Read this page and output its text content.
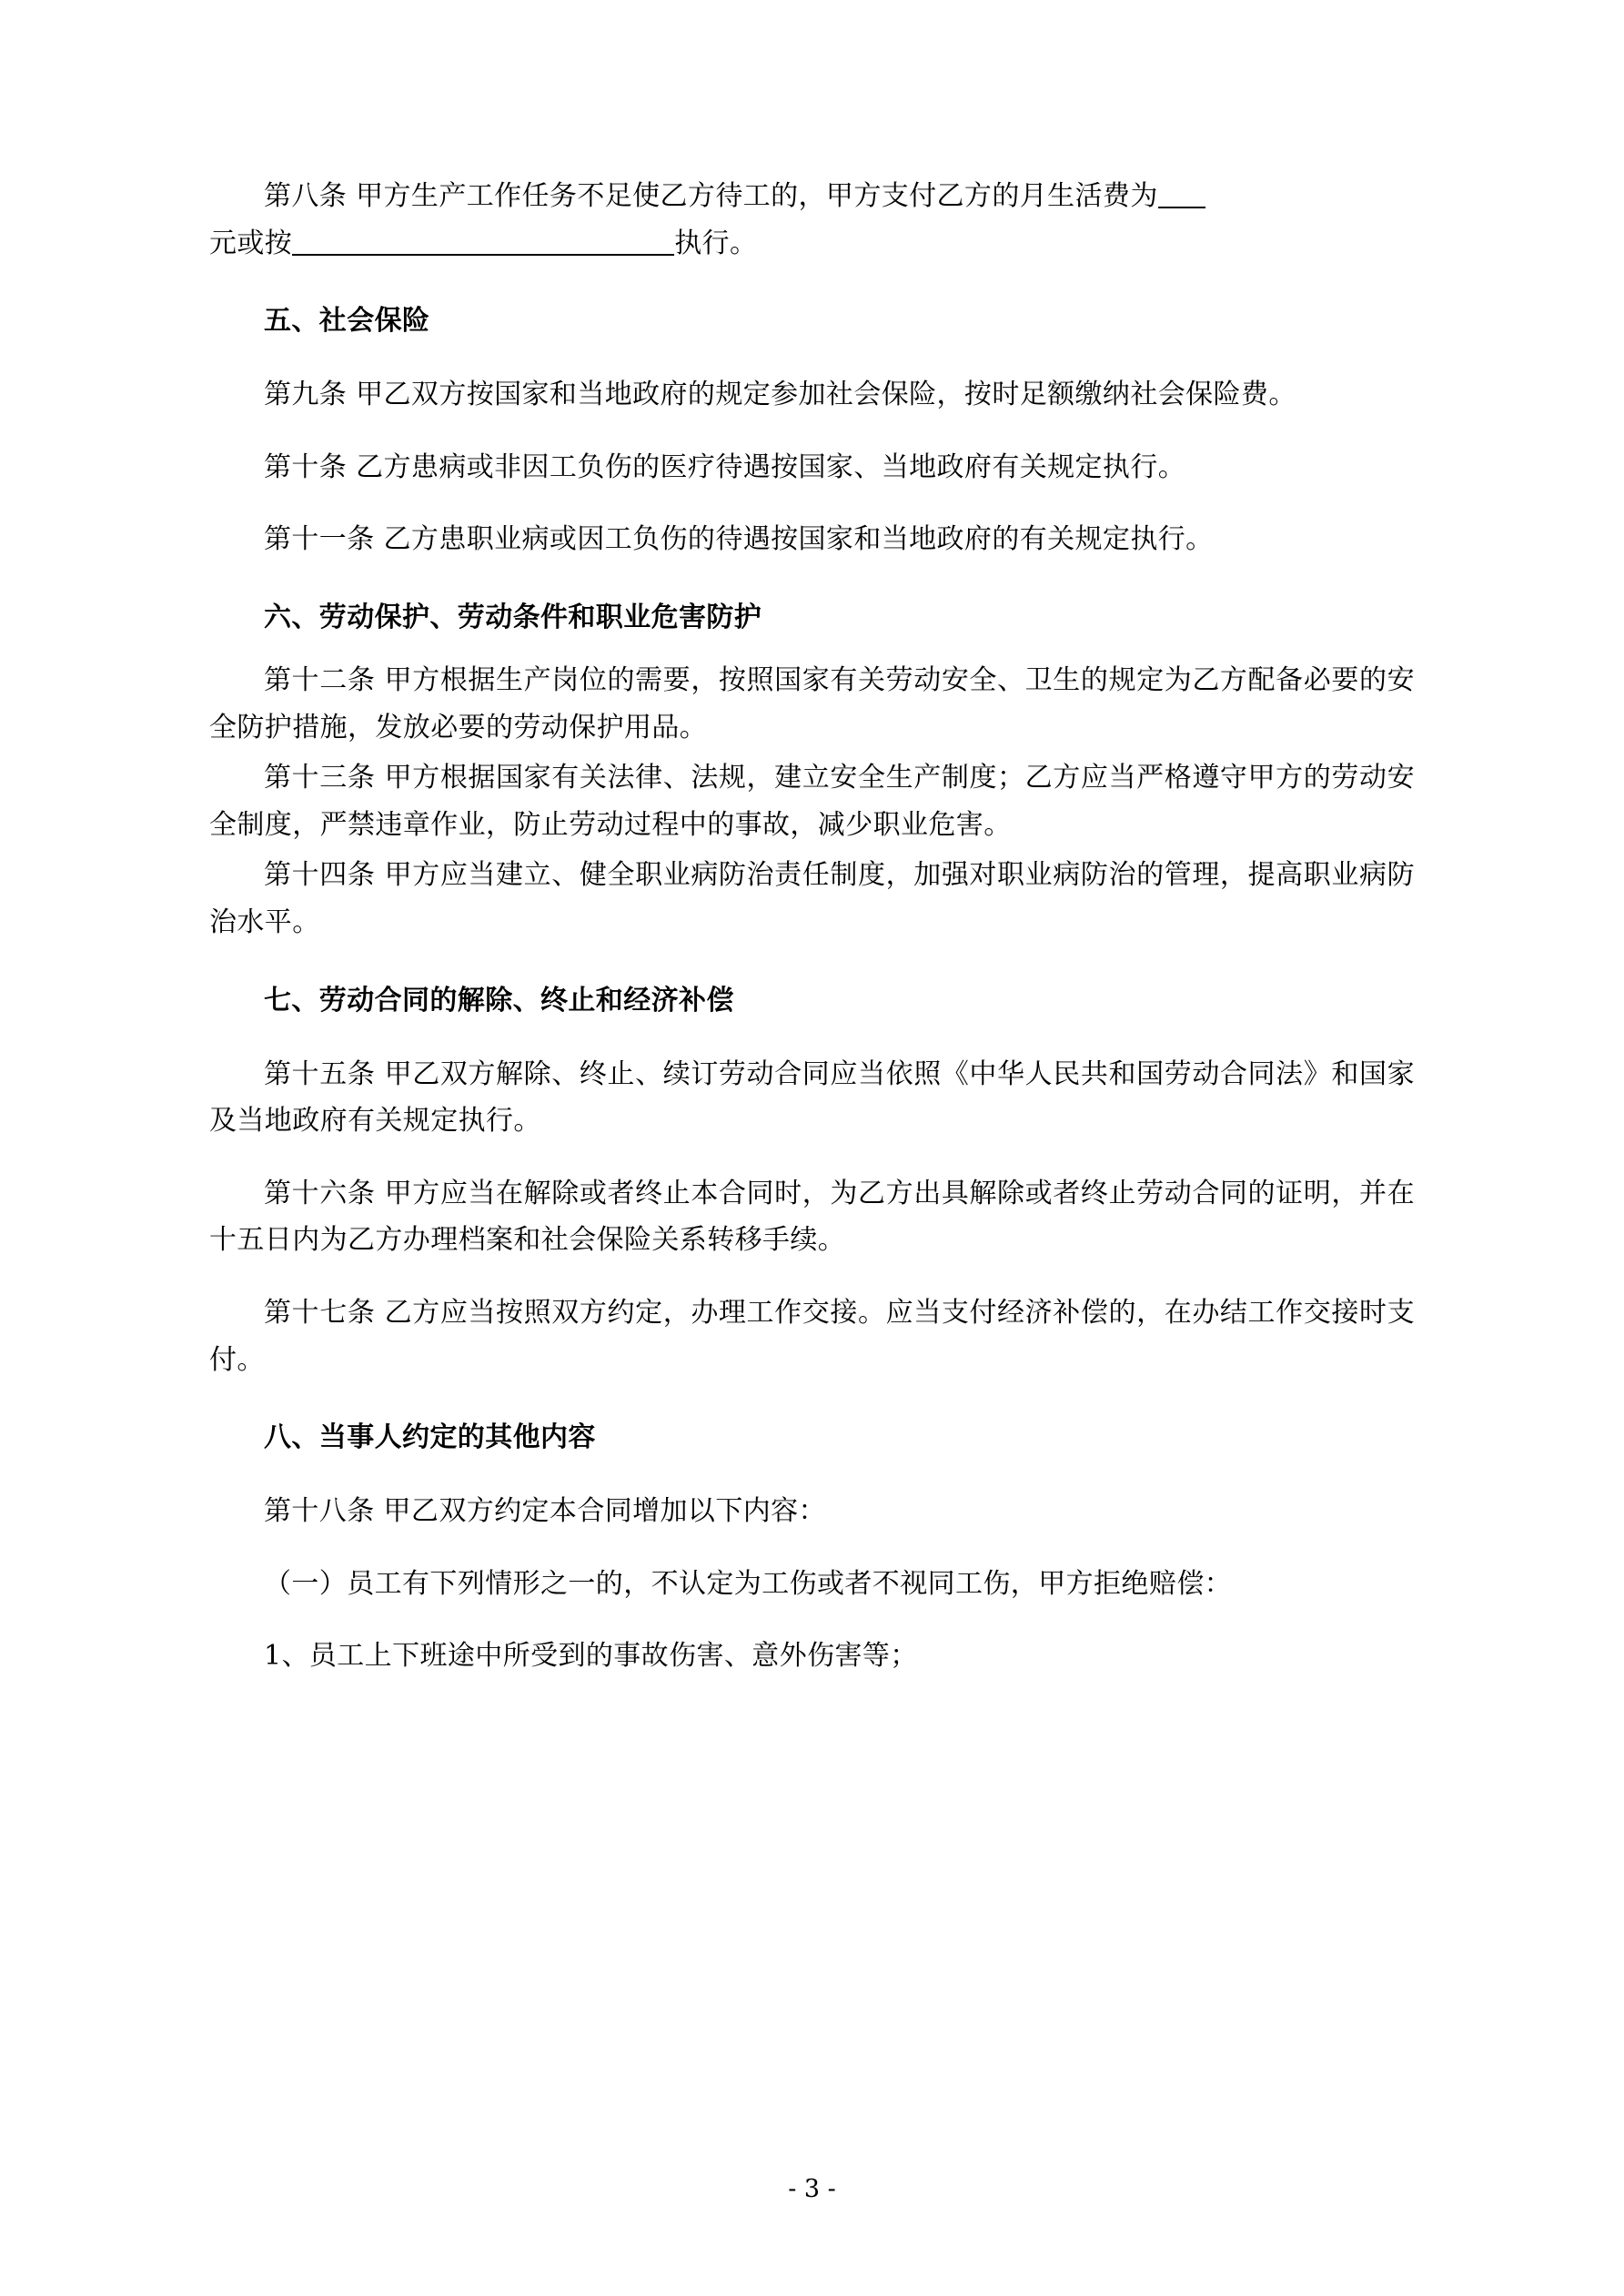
第八条 甲方生产工作任务不足使乙方待工的，甲方支付乙方的月生活费为
元或按	执行。

五、社会保险

第九条 甲乙双方按国家和当地政府的规定参加社会保险，按时足额缴纳社会保险费。

第十条 乙方患病或非因工负伤的医疗待遇按国家、当地政府有关规定执行。

第十一条 乙方患职业病或因工负伤的待遇按国家和当地政府的有关规定执行。

六、劳动保护、劳动条件和职业危害防护

第十二条 甲方根据生产岗位的需要，按照国家有关劳动安全、卫生的规定为乙方配备必要的安全防护措施，发放必要的劳动保护用品。

第十三条 甲方根据国家有关法律、法规，建立安全生产制度；乙方应当严格遵守甲方的劳动安全制度，严禁违章作业，防止劳动过程中的事故，减少职业危害。

第十四条 甲方应当建立、健全职业病防治责任制度，加强对职业病防治的管理，提高职业病防治水平。

七、劳动合同的解除、终止和经济补偿

第十五条 甲乙双方解除、终止、续订劳动合同应当依照《中华人民共和国劳动合同法》和国家及当地政府有关规定执行。

第十六条 甲方应当在解除或者终止本合同时，为乙方出具解除或者终止劳动合同的证明，并在十五日内为乙方办理档案和社会保险关系转移手续。

第十七条 乙方应当按照双方约定，办理工作交接。应当支付经济补偿的，在办结工作交接时支付。

八、当事人约定的其他内容

第十八条 甲乙双方约定本合同增加以下内容：

（一）员工有下列情形之一的，不认定为工伤或者不视同工伤，甲方拒绝赔偿：

1、员工上下班途中所受到的事故伤害、意外伤害等；

- 3 -
